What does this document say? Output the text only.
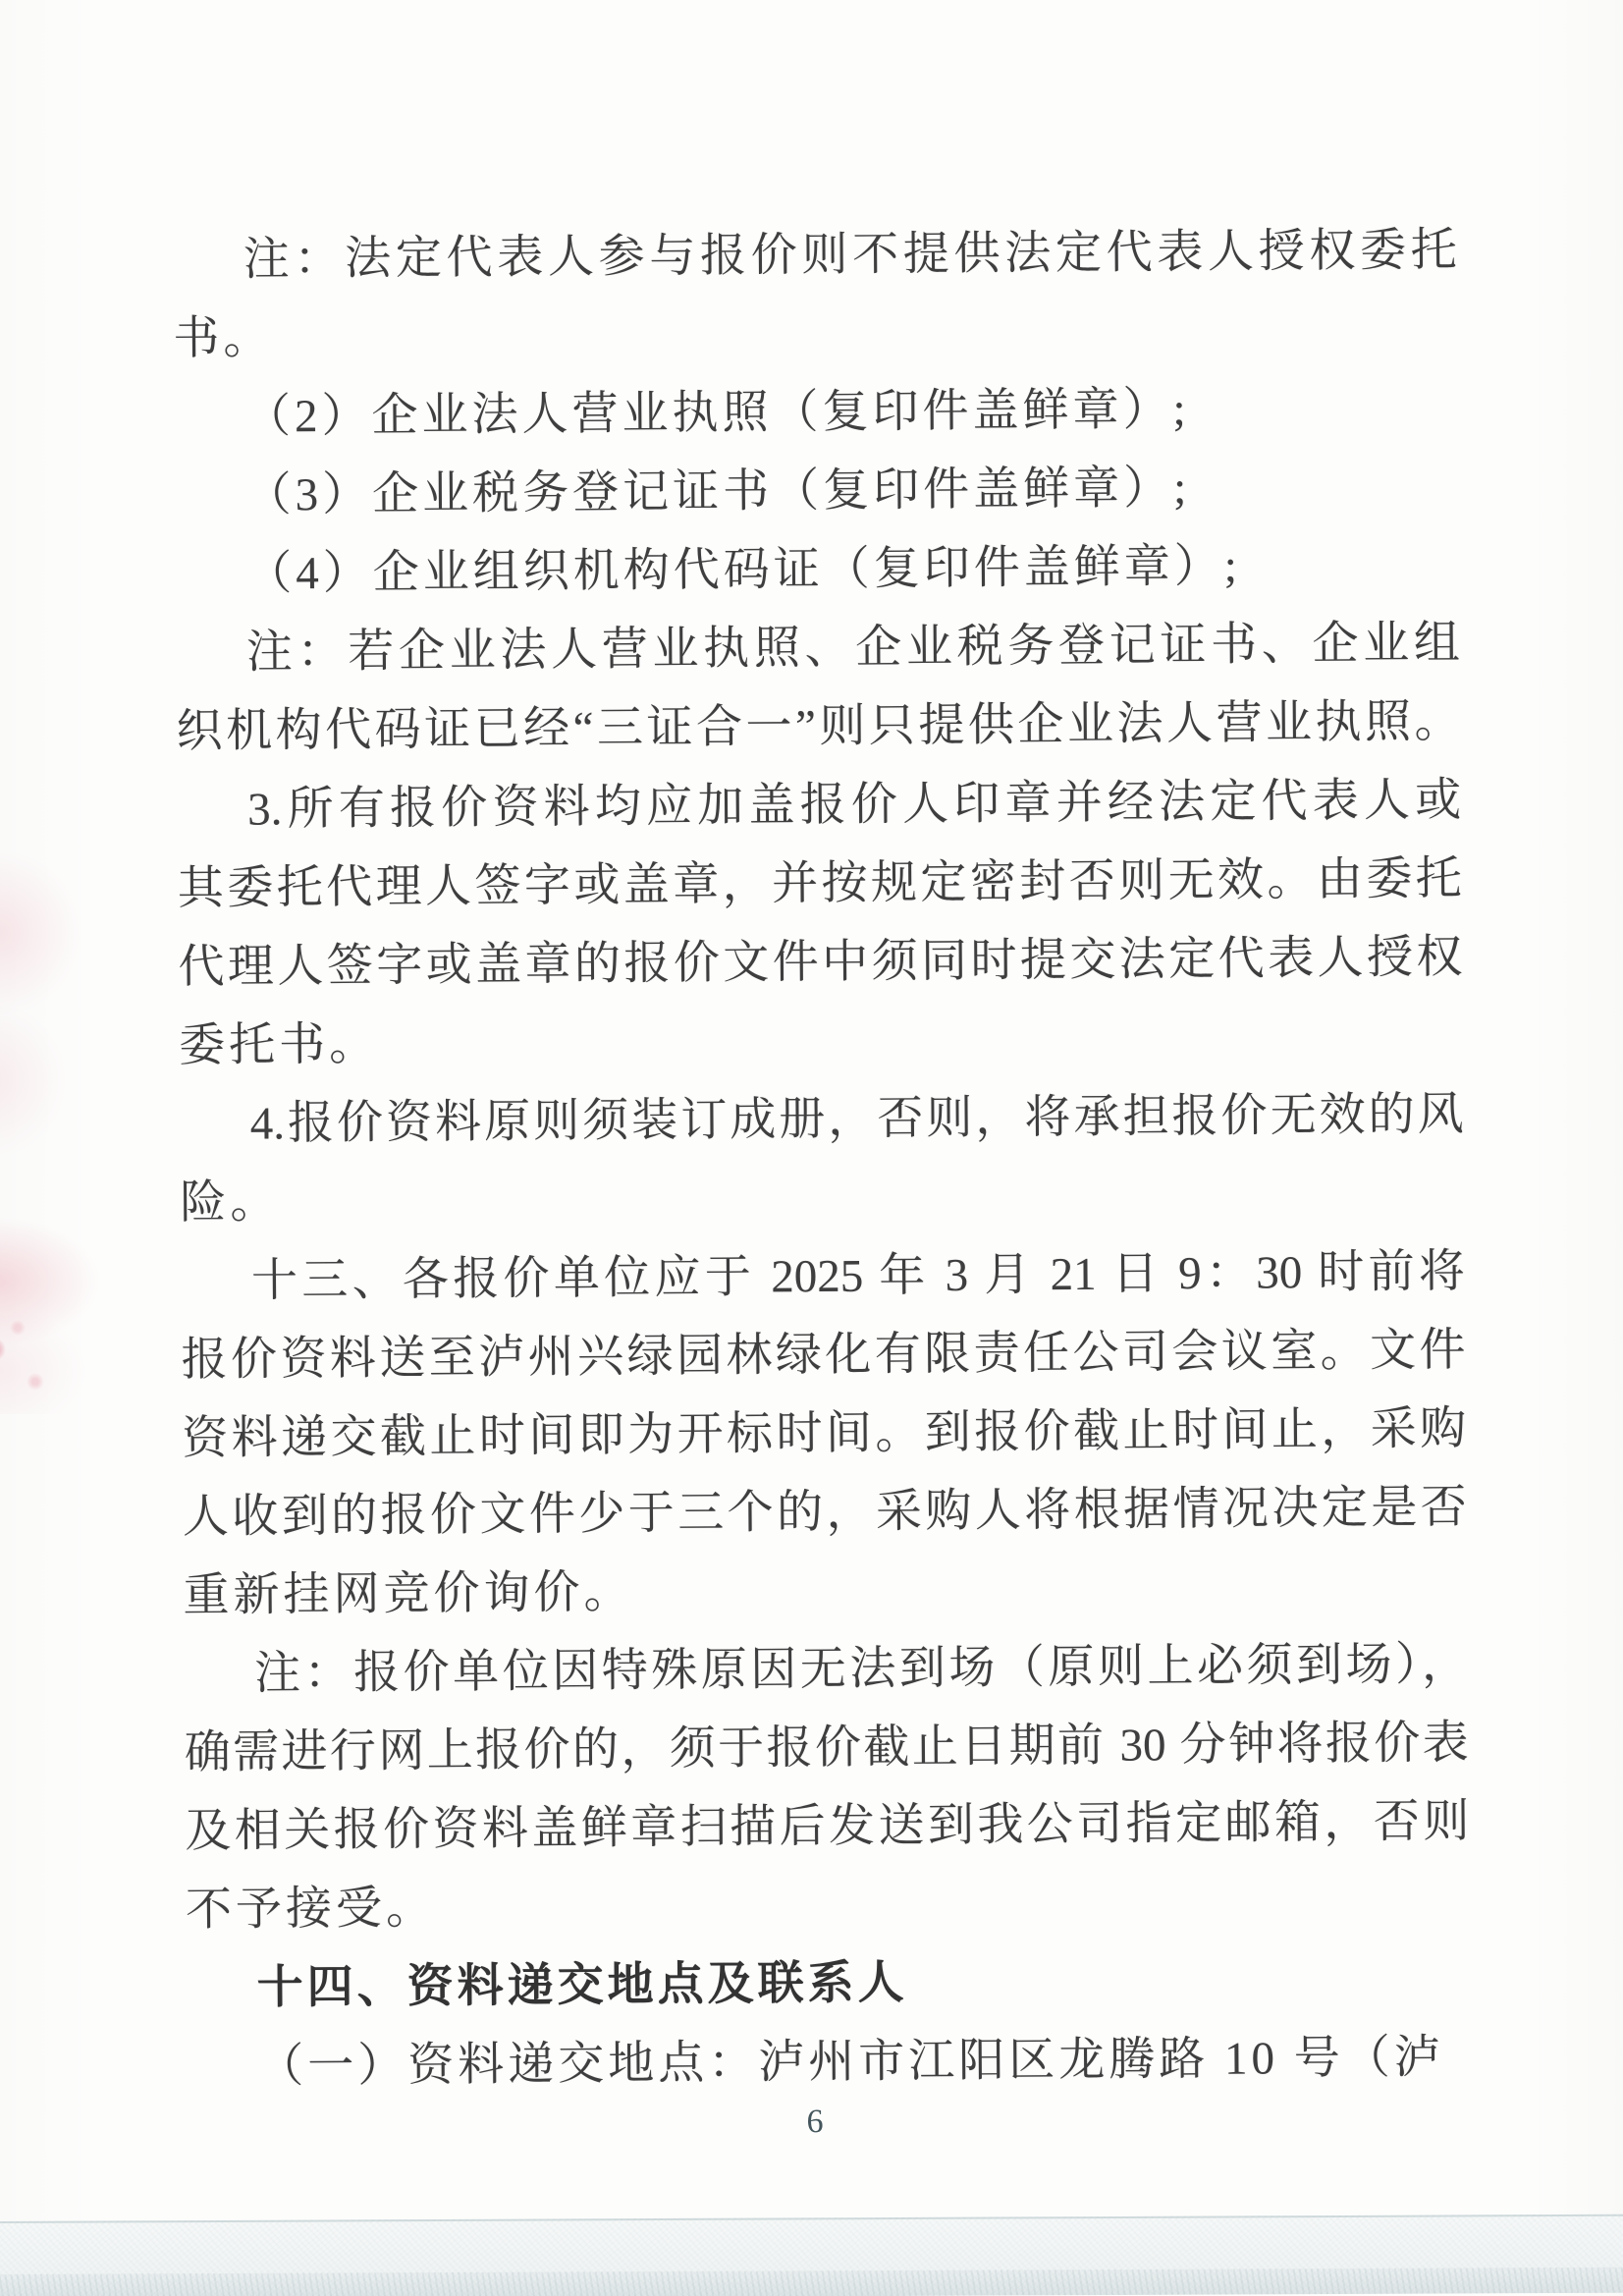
注：法定代表人参与报价则不提供法定代表人授权委托
书。
（2）企业法人营业执照（复印件盖鲜章）;
（3）企业税务登记证书（复印件盖鲜章）;
（4）企业组织机构代码证（复印件盖鲜章）;
注：若企业法人营业执照、企业税务登记证书、企业组
织机构代码证已经“三证合一”则只提供企业法人营业执照。
3.所有报价资料均应加盖报价人印章并经法定代表人或
其委托代理人签字或盖章，并按规定密封否则无效。由委托
代理人签字或盖章的报价文件中须同时提交法定代表人授权
委托书。
4.报价资料原则须装订成册，否则，将承担报价无效的风
险。
十三、各报价单位应于 2025 年 3 月 21 日 9：30 时前将
报价资料送至泸州兴绿园林绿化有限责任公司会议室。文件
资料递交截止时间即为开标时间。到报价截止时间止，采购
人收到的报价文件少于三个的，采购人将根据情况决定是否
重新挂网竞价询价。
注：报价单位因特殊原因无法到场（原则上必须到场），
确需进行网上报价的，须于报价截止日期前 30 分钟将报价表
及相关报价资料盖鲜章扫描后发送到我公司指定邮箱，否则
不予接受。
十四、资料递交地点及联系人
（一）资料递交地点：泸州市江阳区龙腾路 10 号（泸
6
